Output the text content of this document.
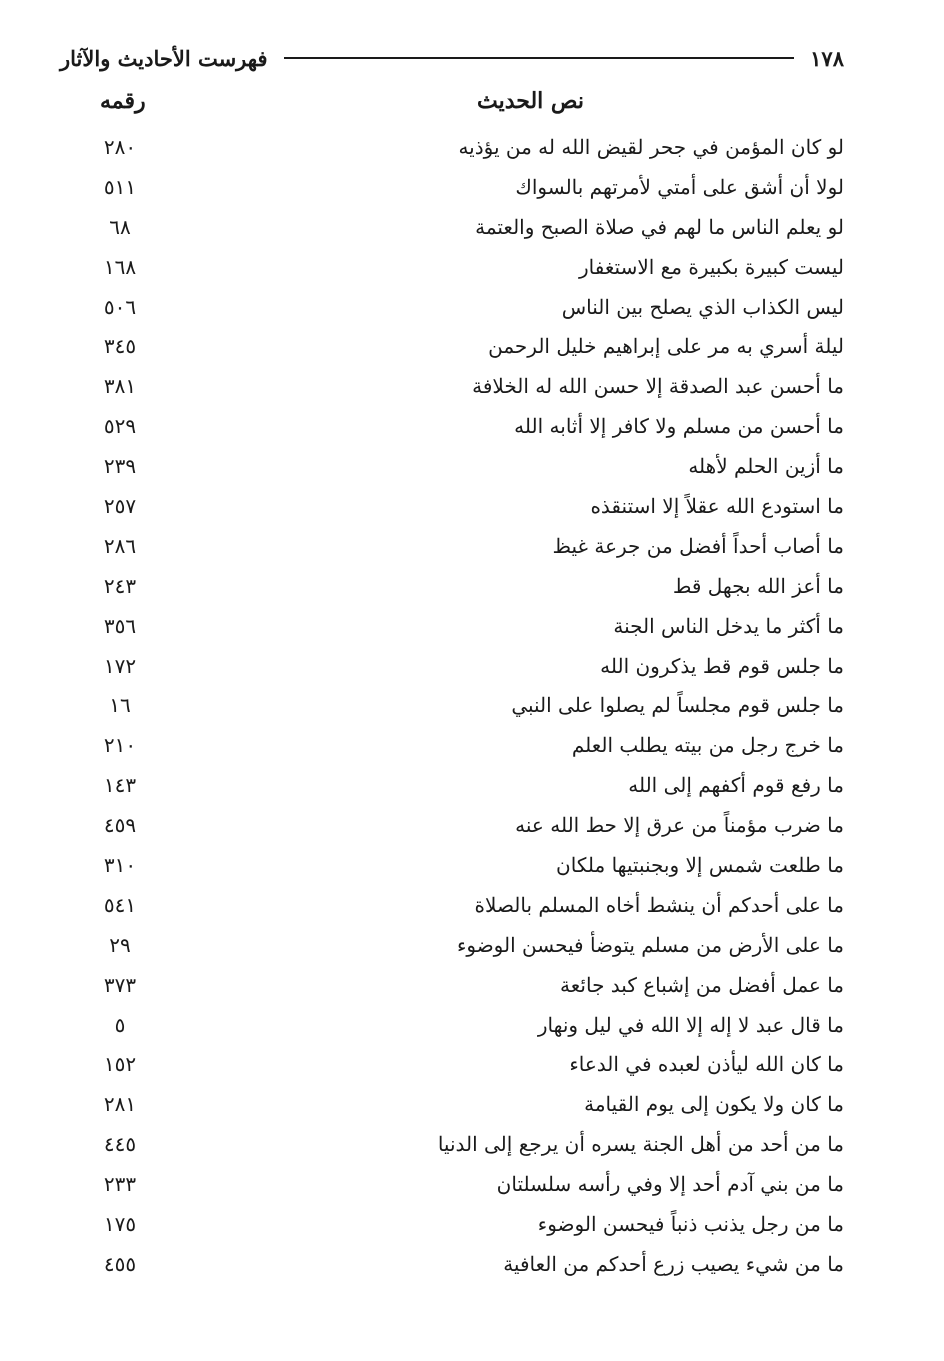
١٧٨
فهرست الأحاديث والآثار
نص الحديث
رقمه
لو كان المؤمن في جحر لقيض الله له من يؤذيه
٢٨٠
لولا أن أشق على أمتي لأمرتهم بالسواك
٥١١
لو يعلم الناس ما لهم في صلاة الصبح والعتمة
٦٨
ليست كبيرة بكبيرة مع الاستغفار
١٦٨
ليس الكذاب الذي يصلح بين الناس
٥٠٦
ليلة أسري به مر على إبراهيم خليل الرحمن
٣٤٥
ما أحسن عبد الصدقة إلا حسن الله له الخلافة
٣٨١
ما أحسن من مسلم ولا كافر إلا أثابه الله
٥٢٩
ما أزين الحلم لأهله
٢٣٩
ما استودع الله عقلاً إلا استنقذه
٢٥٧
ما أصاب أحداً أفضل من جرعة غيظ
٢٨٦
ما أعز الله بجهل قط
٢٤٣
ما أكثر ما يدخل الناس الجنة
٣٥٦
ما جلس قوم قط يذكرون الله
١٧٢
ما جلس قوم مجلساً لم يصلوا على النبي
١٦
ما خرج رجل من بيته يطلب العلم
٢١٠
ما رفع قوم أكفهم إلى الله
١٤٣
ما ضرب مؤمناً من عرق إلا حط الله عنه
٤٥٩
ما طلعت شمس إلا وبجنبتيها ملكان
٣١٠
ما على أحدكم أن ينشط أخاه المسلم بالصلاة
٥٤١
ما على الأرض من مسلم يتوضأ فيحسن الوضوء
٢٩
ما عمل أفضل من إشباع كبد جائعة
٣٧٣
ما قال عبد لا إله إلا الله في ليل ونهار
٥
ما كان الله ليأذن لعبده في الدعاء
١٥٢
ما كان ولا يكون إلى يوم القيامة
٢٨١
ما من أحد من أهل الجنة يسره أن يرجع إلى الدنيا
٤٤٥
ما من بني آدم أحد إلا وفي رأسه سلسلتان
٢٣٣
ما من رجل يذنب ذنباً فيحسن الوضوء
١٧٥
ما من شيء يصيب زرع أحدكم من العافية
٤٥٥
